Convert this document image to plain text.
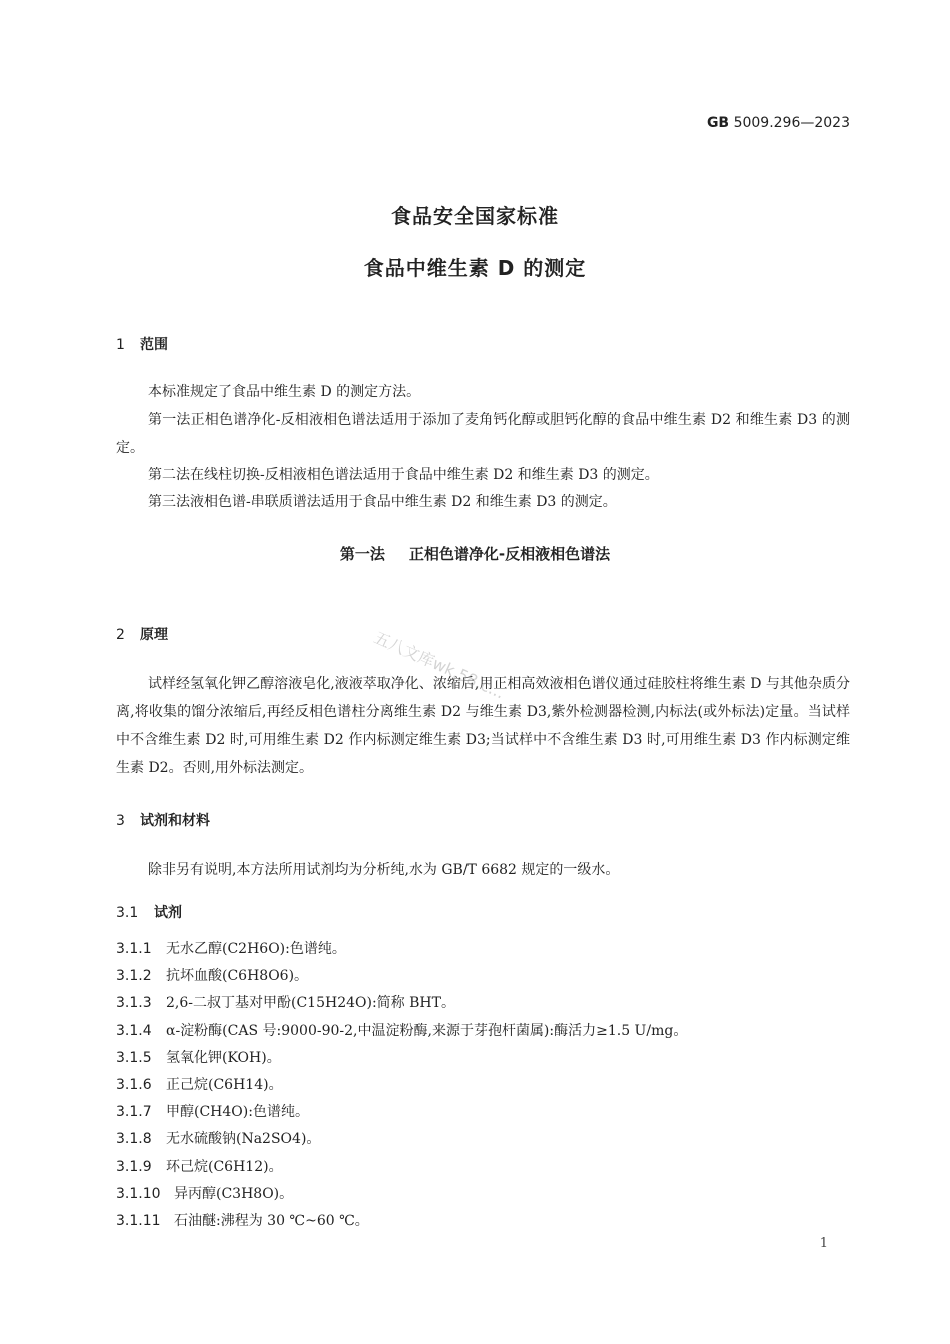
GB 5009.296—2023
食品安全国家标准
食品中维生素 D 的测定
1 范围
本标准规定了食品中维生素 D 的测定方法。
第一法正相色谱净化-反相液相色谱法适用于添加了麦角钙化醇或胆钙化醇的食品中维生素 D2 和维生素 D3 的测定。
第二法在线柱切换-反相液相色谱法适用于食品中维生素 D2 和维生素 D3 的测定。
第三法液相色谱-串联质谱法适用于食品中维生素 D2 和维生素 D3 的测定。
第一法 正相色谱净化-反相液相色谱法
2 原理
试样经氢氧化钾乙醇溶液皂化,液液萃取净化、浓缩后,用正相高效液相色谱仪通过硅胶柱将维生素 D 与其他杂质分离,将收集的馏分浓缩后,再经反相色谱柱分离维生素 D2 与维生素 D3,紫外检测器检测,内标法(或外标法)定量。当试样中不含维生素 D2 时,可用维生素 D2 作内标测定维生素 D3;当试样中不含维生素 D3 时,可用维生素 D3 作内标测定维生素 D2。否则,用外标法测定。
3 试剂和材料
除非另有说明,本方法所用试剂均为分析纯,水为 GB/T 6682 规定的一级水。
3.1 试剂
3.1.1 无水乙醇(C2H6O):色谱纯。
3.1.2 抗坏血酸(C6H8O6)。
3.1.3 2,6-二叔丁基对甲酚(C15H24O):简称 BHT。
3.1.4 α-淀粉酶(CAS 号:9000-90-2,中温淀粉酶,来源于芽孢杆菌属):酶活力≥1.5 U/mg。
3.1.5 氢氧化钾(KOH)。
3.1.6 正己烷(C6H14)。
3.1.7 甲醇(CH4O):色谱纯。
3.1.8 无水硫酸钠(Na2SO4)。
3.1.9 环己烷(C6H12)。
3.1.10 异丙醇(C3H8O)。
3.1.11 石油醚:沸程为 30 ℃~60 ℃。
五八文库wk.58.c...
1
